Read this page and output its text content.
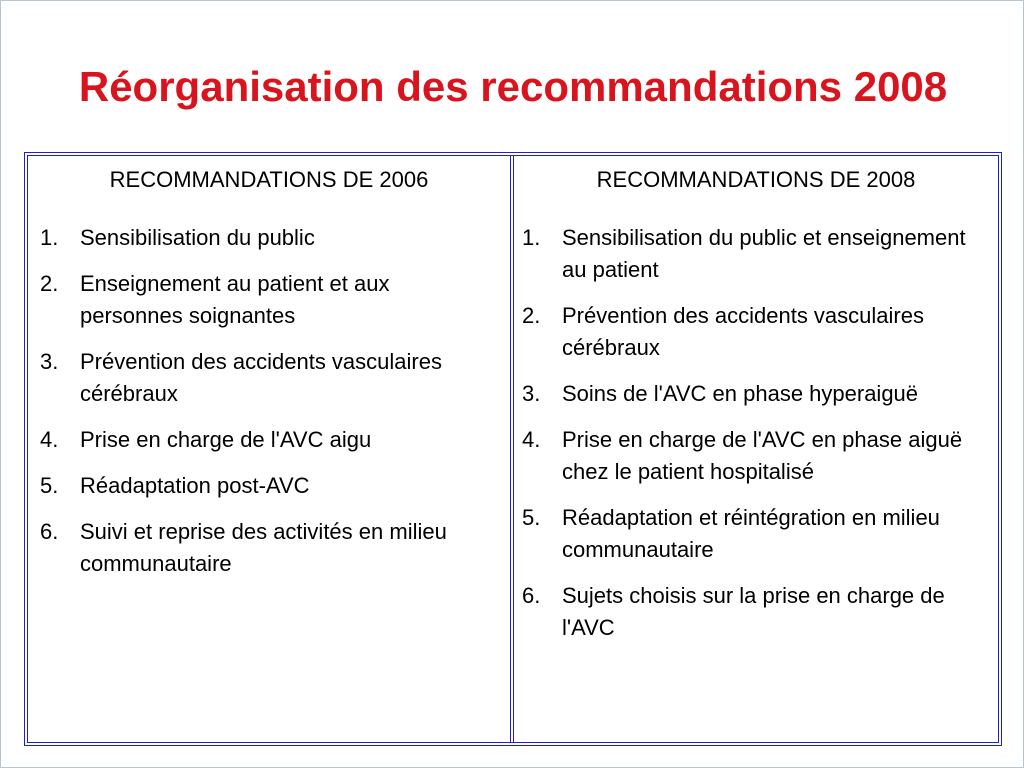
Réorganisation des recommandations 2008
RECOMMANDATIONS DE 2006
1. Sensibilisation du public
2. Enseignement au patient et aux personnes soignantes
3. Prévention des accidents vasculaires cérébraux
4. Prise en charge de l'AVC aigu
5. Réadaptation post-AVC
6. Suivi et reprise des activités en milieu communautaire
RECOMMANDATIONS DE 2008
1. Sensibilisation du public et enseignement au patient
2. Prévention des accidents vasculaires cérébraux
3. Soins de l'AVC en phase hyperaiguë
4. Prise en charge de l'AVC en phase aiguë chez le patient hospitalisé
5. Réadaptation et réintégration en milieu communautaire
6. Sujets choisis sur la prise en charge de l'AVC
